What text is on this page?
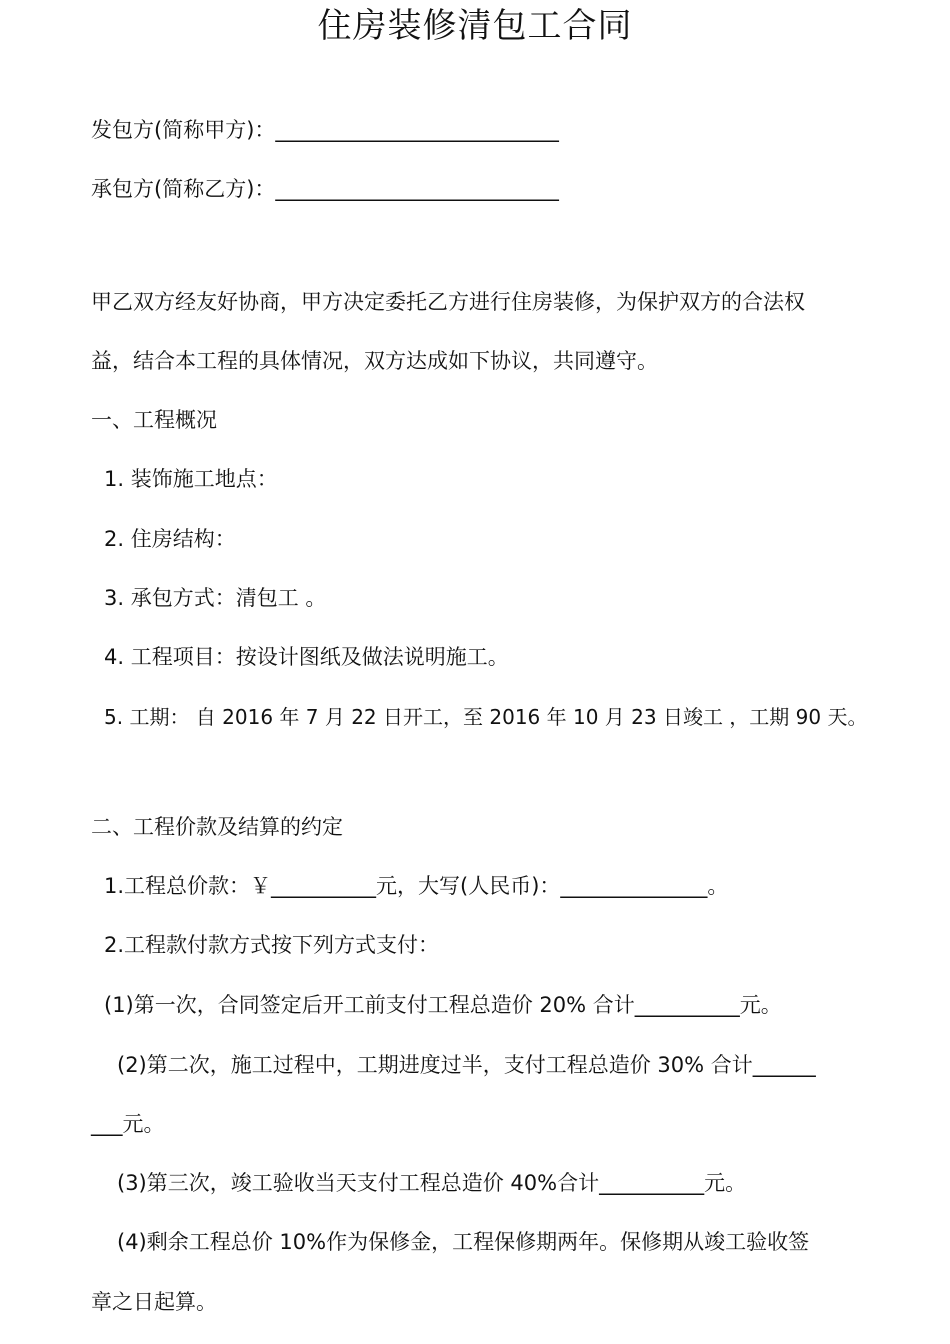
住房装修清包工合同
发包方(简称甲方)：___________________________
承包方(简称乙方)：___________________________
甲乙双方经友好协商，甲方决定委托乙方进行住房装修，为保护双方的合法权
益，结合本工程的具体情况，双方达成如下协议，共同遵守。
一、工程概况
1. 装饰施工地点：
2. 住房结构：
3. 承包方式：清包工 。
4. 工程项目：按设计图纸及做法说明施工。
5. 工期： 自 2016 年 7 月 22 日开工，至 2016 年 10 月 23 日竣工 ，工期 90 天。
二、工程价款及结算的约定
1.工程总价款：￥__________元，大写(人民币)：______________。
2.工程款付款方式按下列方式支付：
(1)第一次，合同签定后开工前支付工程总造价 20% 合计__________元。
(2)第二次，施工过程中，工期进度过半，支付工程总造价 30% 合计______
___元。
(3)第三次，竣工验收当天支付工程总造价 40%合计__________元。
(4)剩余工程总价 10%作为保修金，工程保修期两年。保修期从竣工验收签
章之日起算。
